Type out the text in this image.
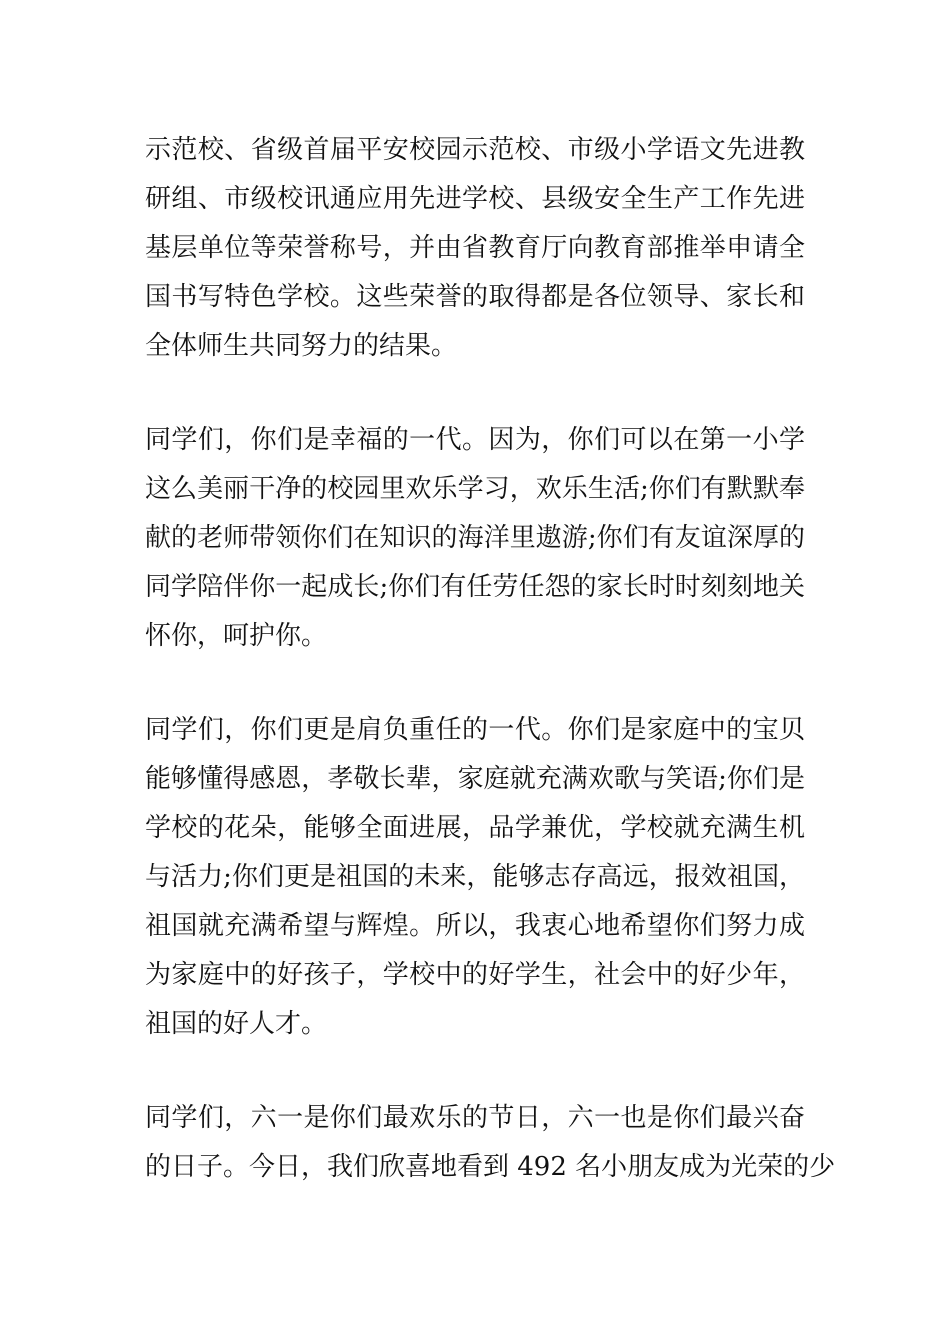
示范校、省级首届平安校园示范校、市级小学语文先进教
研组、市级校讯通应用先进学校、县级安全生产工作先进
基层单位等荣誉称号，并由省教育厅向教育部推举申请全
国书写特色学校。这些荣誉的取得都是各位领导、家长和
全体师生共同努力的结果。

同学们，你们是幸福的一代。因为，你们可以在第一小学
这么美丽干净的校园里欢乐学习，欢乐生活;你们有默默奉
献的老师带领你们在知识的海洋里遨游;你们有友谊深厚的
同学陪伴你一起成长;你们有任劳任怨的家长时时刻刻地关
怀你，呵护你。

同学们，你们更是肩负重任的一代。你们是家庭中的宝贝
能够懂得感恩，孝敬长辈，家庭就充满欢歌与笑语;你们是
学校的花朵，能够全面进展，品学兼优，学校就充满生机
与活力;你们更是祖国的未来，能够志存高远，报效祖国，
祖国就充满希望与辉煌。所以，我衷心地希望你们努力成
为家庭中的好孩子，学校中的好学生，社会中的好少年，
祖国的好人才。

同学们，六一是你们最欢乐的节日，六一也是你们最兴奋
的日子。今日，我们欣喜地看到 492 名小朋友成为光荣的少
